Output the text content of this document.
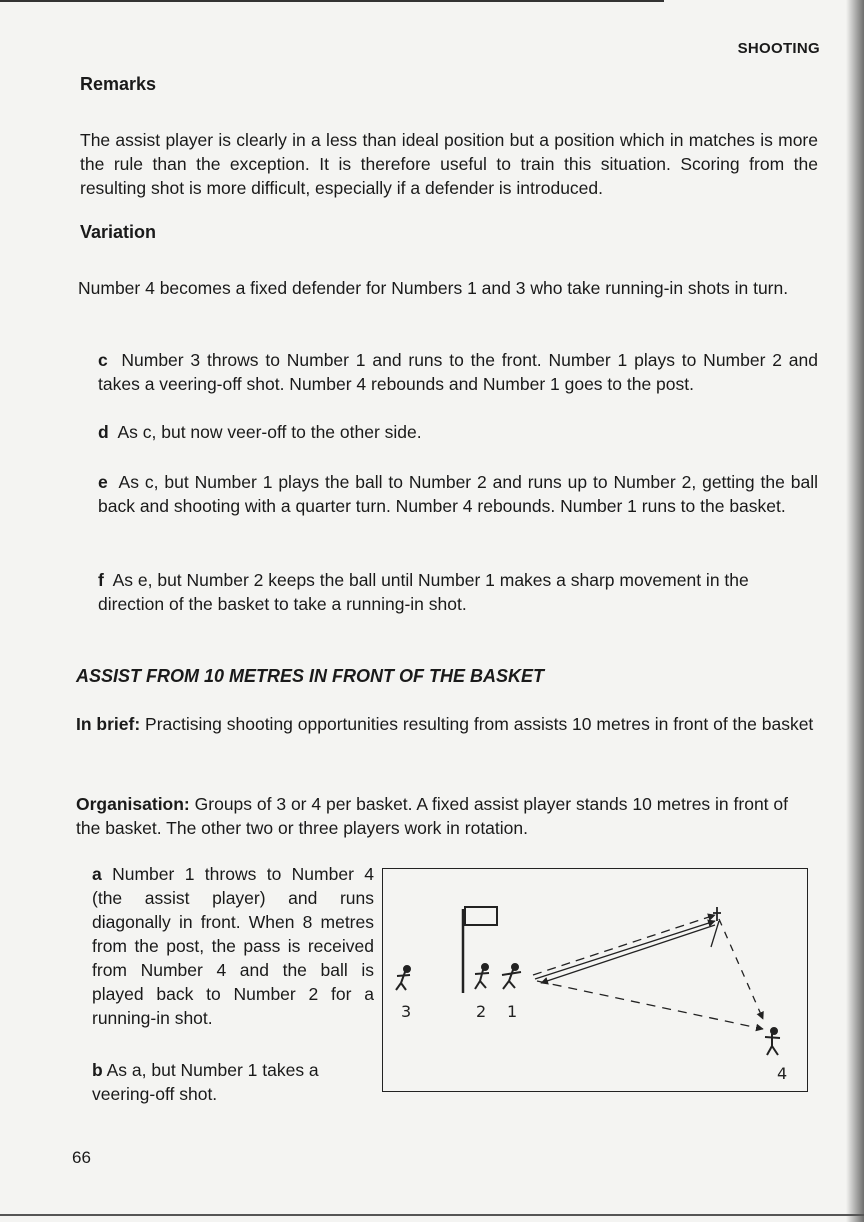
SHOOTING
Remarks

The assist player is clearly in a less than ideal position but a position which in matches is more the rule than the exception. It is therefore useful to train this situation. Scoring from the resulting shot is more difficult, especially if a defender is introduced.

Variation

Number 4 becomes a fixed defender for Numbers 1 and 3 who take running-in shots in turn.

c Number 3 throws to Number 1 and runs to the front. Number 1 plays to Number 2 and takes a veering-off shot. Number 4 rebounds and Number 1 goes to the post.

d As c, but now veer-off to the other side.

e As c, but Number 1 plays the ball to Number 2 and runs up to Number 2, getting the ball back and shooting with a quarter turn. Number 4 rebounds. Number 1 runs to the basket.

f As e, but Number 2 keeps the ball until Number 1 makes a sharp movement in the direction of the basket to take a running-in shot.

ASSIST FROM 10 METRES IN FRONT OF THE BASKET

In brief: Practising shooting opportunities resulting from assists 10 metres in front of the basket

Organisation: Groups of 3 or 4 per basket. A fixed assist player stands 10 metres in front of the basket. The other two or three players work in rotation.

a Number 1 throws to Number 4 (the assist player) and runs diagonally in front. When 8 metres from the post, the pass is received from Number 4 and the ball is played back to Number 2 for a running-in shot.

b As a, but Number 1 takes a veering-off shot.

3	2 1
4
66
